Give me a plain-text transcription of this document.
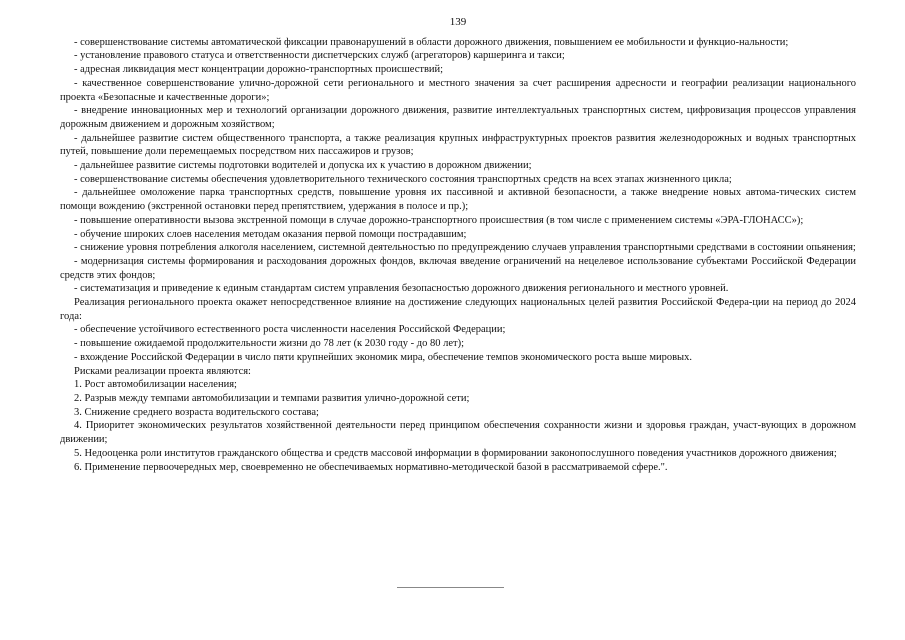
139

- совершенствование системы автоматической фиксации правонарушений в области дорожного движения, повышением ее мобильности и функцио-нальности;

- установление правового статуса и ответственности диспетчерских служб (агрегаторов) каршеринга и такси;

- адресная ликвидация мест концентрации дорожно-транспортных происшествий;

- качественное совершенствование улично-дорожной сети регионального и местного значения за счет расширения адресности и географии реализации национального проекта «Безопасные и качественные дороги»;

- внедрение инновационных мер и технологий организации дорожного движения, развитие интеллектуальных транспортных систем, цифровизация процессов управления дорожным движением и дорожным хозяйством;

- дальнейшее развитие систем общественного транспорта, а также реализация крупных инфраструктурных проектов развития железнодорожных и водных транспортных путей, повышение доли перемещаемых посредством них пассажиров и грузов;

- дальнейшее развитие системы подготовки водителей и допуска их к участию в дорожном движении;

- совершенствование системы обеспечения удовлетворительного технического состояния транспортных средств на всех этапах жизненного цикла;

- дальнейшее омоложение парка транспортных средств, повышение уровня их пассивной и активной безопасности, а также внедрение новых автома-тических систем помощи вождению (экстренной остановки перед препятствием, удержания в полосе и пр.);

- повышение оперативности вызова экстренной помощи в случае дорожно-транспортного происшествия (в том числе с применением системы «ЭРА-ГЛОНАСС»);

- обучение широких слоев населения методам оказания первой помощи пострадавшим;

- снижение уровня потребления алкоголя населением, системной деятельностью по предупреждению случаев управления транспортными средствами в состоянии опьянения;

- модернизация системы формирования и расходования дорожных фондов, включая введение ограничений на нецелевое использование субъектами Российской Федерации средств этих фондов;

- систематизация и приведение к единым стандартам систем управления безопасностью дорожного движения регионального и местного уровней.

Реализация регионального проекта окажет непосредственное влияние на достижение следующих национальных целей развития Российской Федера-ции на период до 2024 года:

- обеспечение устойчивого естественного роста численности населения Российской Федерации;

- повышение ожидаемой продолжительности жизни до 78 лет (к 2030 году - до 80 лет);

- вхождение Российской Федерации в число пяти крупнейших экономик мира, обеспечение темпов экономического роста выше мировых.

Рисками реализации проекта являются:

1. Рост автомобилизации населения;

2. Разрыв между темпами автомобилизации и темпами развития улично-дорожной сети;

3. Снижение среднего возраста водительского состава;

4. Приоритет экономических результатов хозяйственной деятельности перед принципом обеспечения сохранности жизни и здоровья граждан, участ-вующих в дорожном движении;

5. Недооценка роли институтов гражданского общества и средств массовой информации в формировании законопослушного поведения участников дорожного движения;

6. Применение первоочередных мер, своевременно не обеспечиваемых нормативно-методической базой в рассматриваемой сфере.".
